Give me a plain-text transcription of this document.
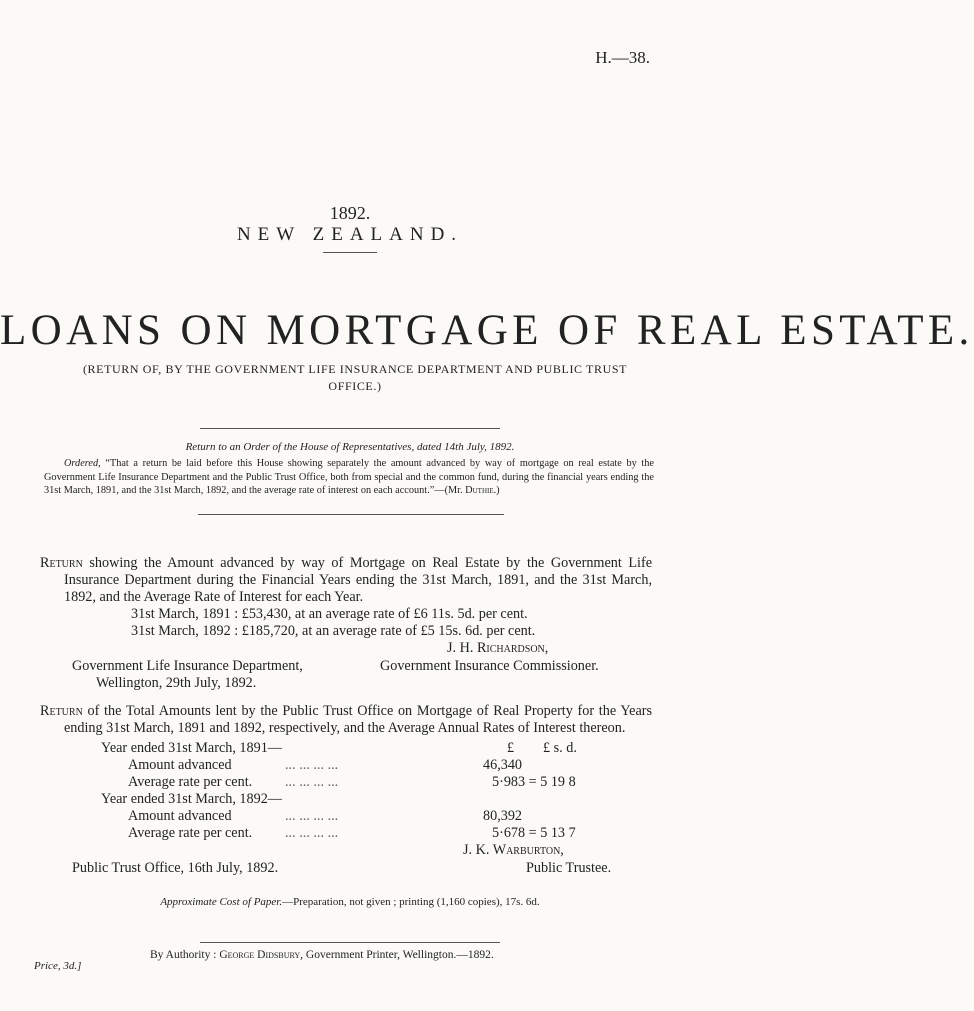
H.—38.
1892.
NEW ZEALAND.
LOANS ON MORTGAGE OF REAL ESTATE.
(RETURN OF, BY THE GOVERNMENT LIFE INSURANCE DEPARTMENT AND PUBLIC TRUST OFFICE.)
Return to an Order of the House of Representatives, dated 14th July, 1892.
Ordered, “That a return be laid before this House showing separately the amount advanced by way of mortgage on real estate by the Government Life Insurance Department and the Public Trust Office, both from special and the common fund, during the financial years ending the 31st March, 1891, and the 31st March, 1892, and the average rate of interest on each account.”—(Mr. Duthie.)
Return showing the Amount advanced by way of Mortgage on Real Estate by the Government Life Insurance Department during the Financial Years ending the 31st March, 1891, and the 31st March, 1892, and the Average Rate of Interest for each Year.
31st March, 1891 : £53,430, at an average rate of £6 11s. 5d. per cent.
31st March, 1892 : £185,720, at an average rate of £5 15s. 6d. per cent.
J. H. Richardson,
Government Life Insurance Department,	Government Insurance Commissioner.
Wellington, 29th July, 1892.
Return of the Total Amounts lent by the Public Trust Office on Mortgage of Real Property for the Years ending 31st March, 1891 and 1892, respectively, and the Average Annual Rates of Interest thereon.
Year ended 31st March, 1891—	£ £ s. d.
Amount advanced	... ... ... ...	46,340
Average rate per cent. ... ... ... ...	5·983 = 5 19 8
Year ended 31st March, 1892—
Amount advanced	... ... ... ...	80,392
Average rate per cent. ... ... ... ...	5·678 = 5 13 7
J. K. Warburton,
Public Trust Office, 16th July, 1892.	Public Trustee.
Approximate Cost of Paper.—Preparation, not given ; printing (1,160 copies), 17s. 6d.
By Authority : George Didsbury, Government Printer, Wellington.—1892.
Price, 3d.]
